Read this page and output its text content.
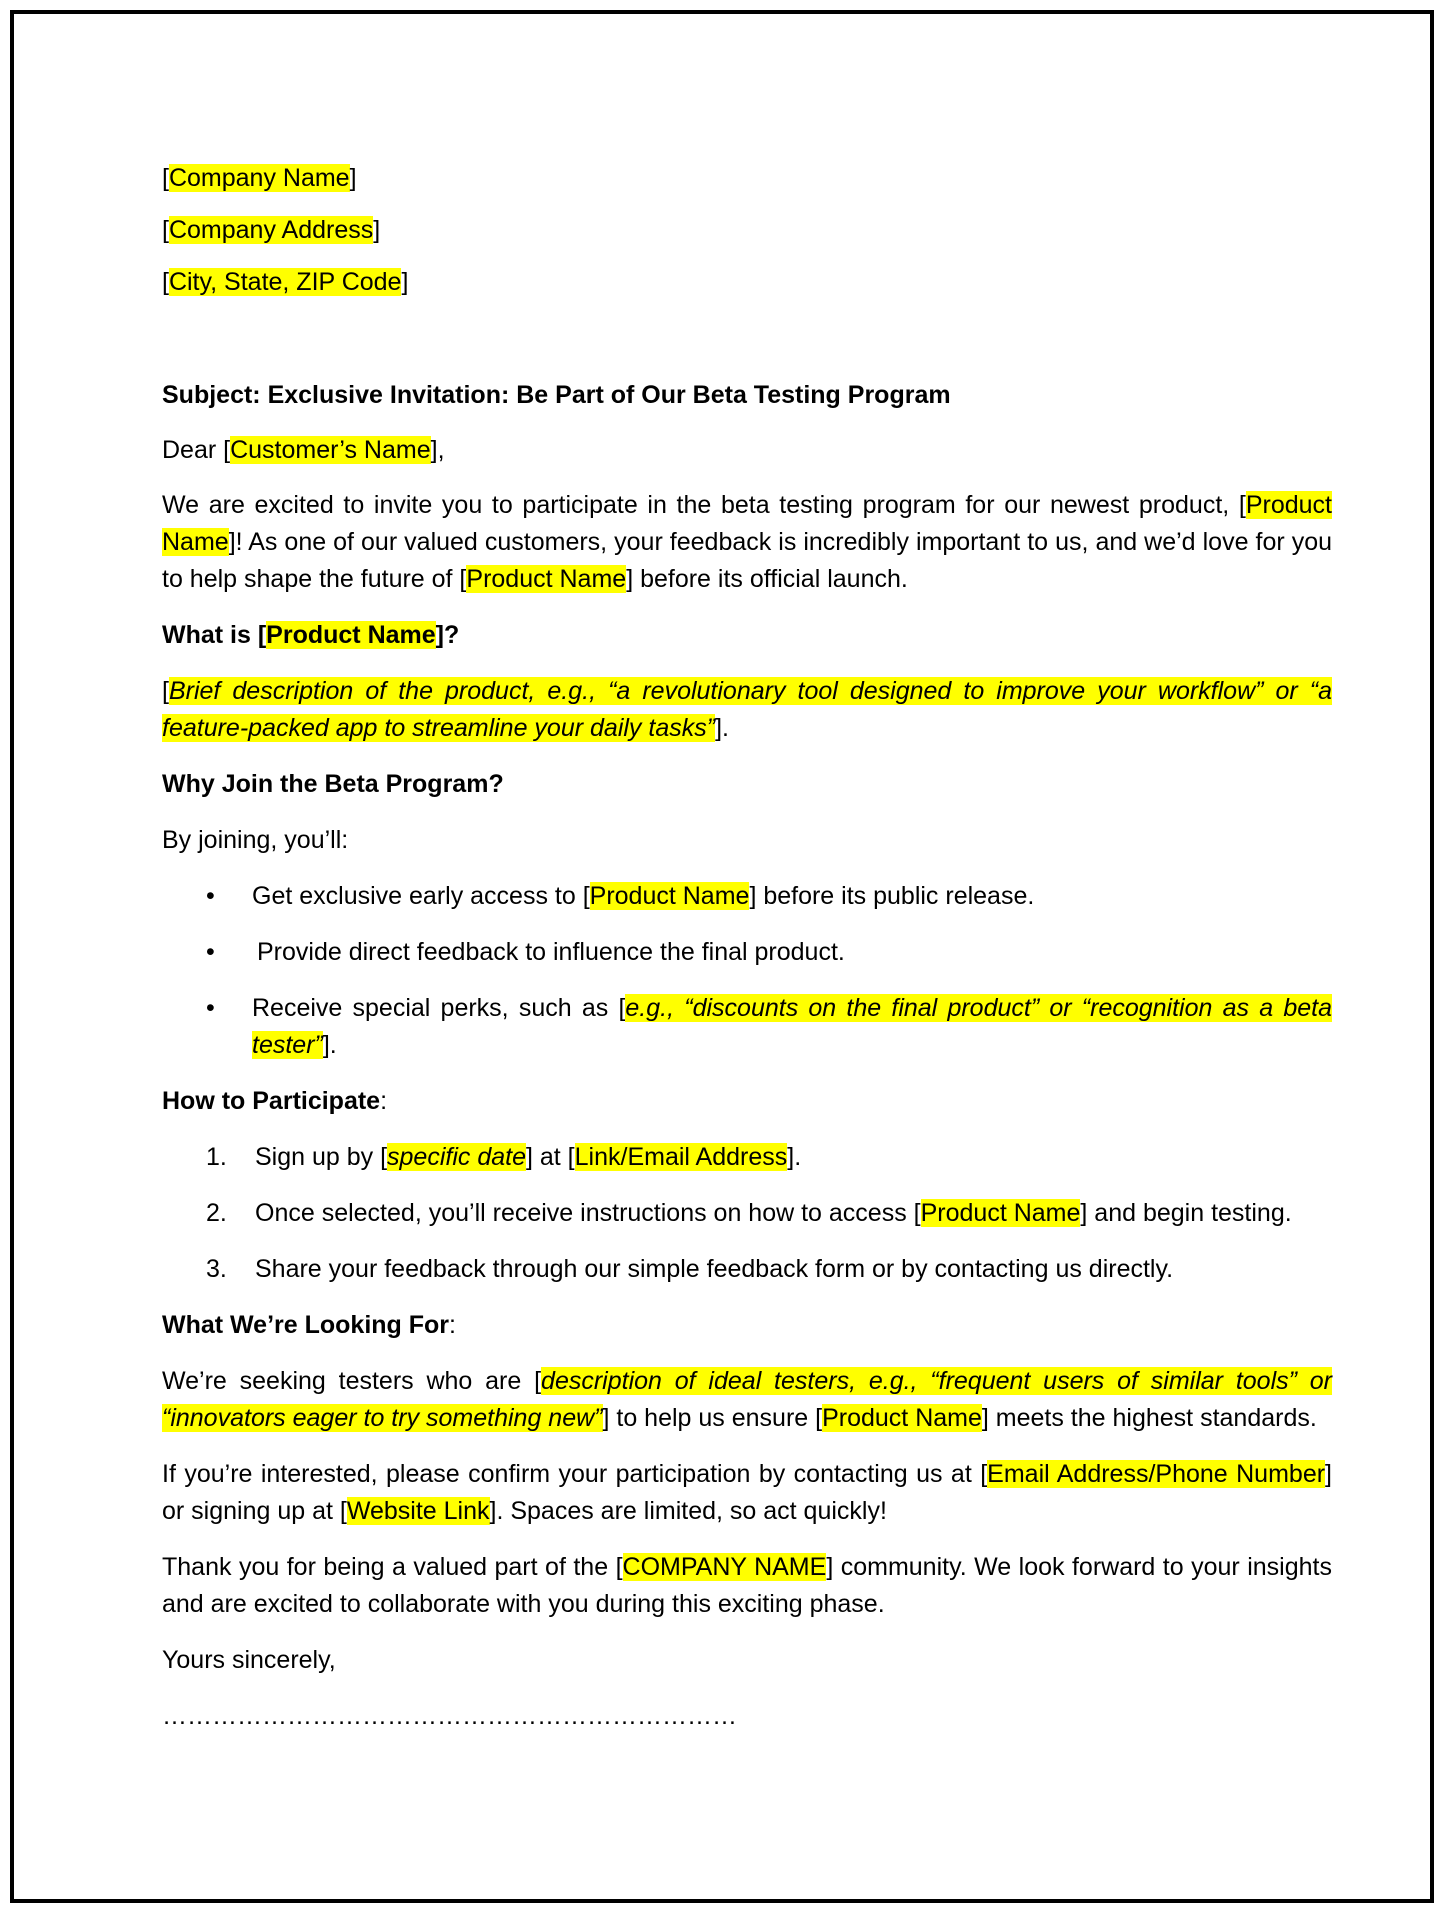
[Company Name]

[Company Address]

[City, State, ZIP Code]

Subject: Exclusive Invitation: Be Part of Our Beta Testing Program

Dear [Customer’s Name],

We are excited to invite you to participate in the beta testing program for our newest product, [Product Name]! As one of our valued customers, your feedback is incredibly important to us, and we’d love for you to help shape the future of [Product Name] before its official launch.

What is [Product Name]?

[Brief description of the product, e.g., “a revolutionary tool designed to improve your workflow” or “a feature-packed app to streamline your daily tasks”].

Why Join the Beta Program?

By joining, you’ll:

• Get exclusive early access to [Product Name] before its public release.
• Provide direct feedback to influence the final product.
• Receive special perks, such as [e.g., “discounts on the final product” or “recognition as a beta tester”].

How to Participate:

1. Sign up by [specific date] at [Link/Email Address].
2. Once selected, you’ll receive instructions on how to access [Product Name] and begin testing.
3. Share your feedback through our simple feedback form or by contacting us directly.

What We’re Looking For:

We’re seeking testers who are [description of ideal testers, e.g., “frequent users of similar tools” or “innovators eager to try something new”] to help us ensure [Product Name] meets the highest standards.

If you’re interested, please confirm your participation by contacting us at [Email Address/Phone Number] or signing up at [Website Link]. Spaces are limited, so act quickly!

Thank you for being a valued part of the [COMPANY NAME] community. We look forward to your insights and are excited to collaborate with you during this exciting phase.

Yours sincerely,

……………………………………………………………
